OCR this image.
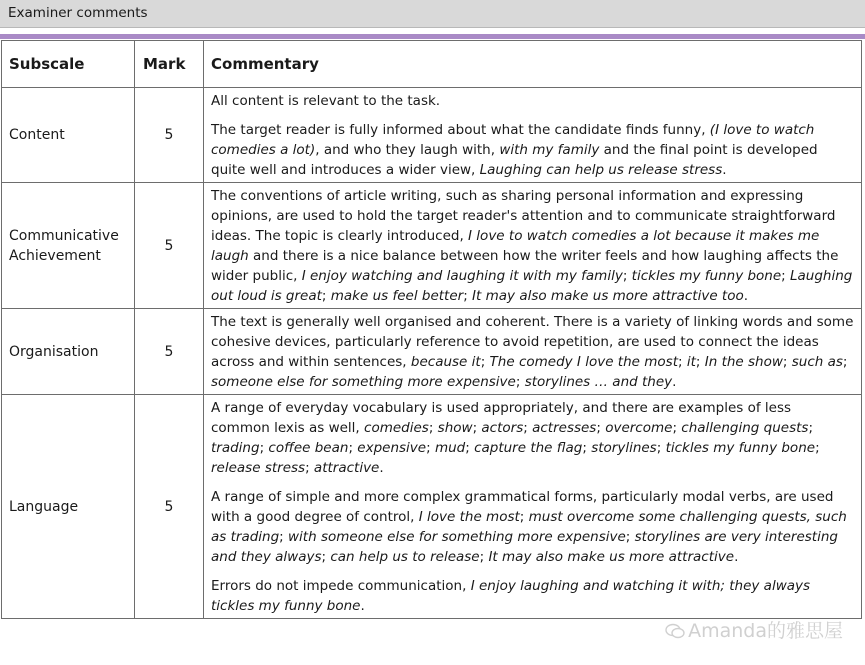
Examiner comments
Subscale	Mark	Commentary
Content	5	All content is relevant to the task.

The target reader is fully informed about what the candidate finds funny, (I love to watch comedies a lot), and who they laugh with, with my family and the final point is developed quite well and introduces a wider view, Laughing can help us release stress.

Communicative Achievement	5	The conventions of article writing, such as sharing personal information and expressing opinions, are used to hold the target reader's attention and to communicate straightforward ideas. The topic is clearly introduced, I love to watch comedies a lot because it makes me laugh and there is a nice balance between how the writer feels and how laughing affects the wider public, I enjoy watching and laughing it with my family; tickles my funny bone; Laughing out loud is great; make us feel better; It may also make us more attractive too.

Organisation	5	The text is generally well organised and coherent. There is a variety of linking words and some cohesive devices, particularly reference to avoid repetition, are used to connect the ideas across and within sentences, because it; The comedy I love the most; it; In the show; such as; someone else for something more expensive; storylines … and they.

Language	5	A range of everyday vocabulary is used appropriately, and there are examples of less common lexis as well, comedies; show; actors; actresses; overcome; challenging quests; trading; coffee bean; expensive; mud; capture the flag; storylines; tickles my funny bone; release stress; attractive.

A range of simple and more complex grammatical forms, particularly modal verbs, are used with a good degree of control, I love the most; must overcome some challenging quests, such as trading; with someone else for something more expensive; storylines are very interesting and they always; can help us to release; It may also make us more attractive.

Errors do not impede communication, I enjoy laughing and watching it with; they always tickles my funny bone.

Amanda的雅思屋
